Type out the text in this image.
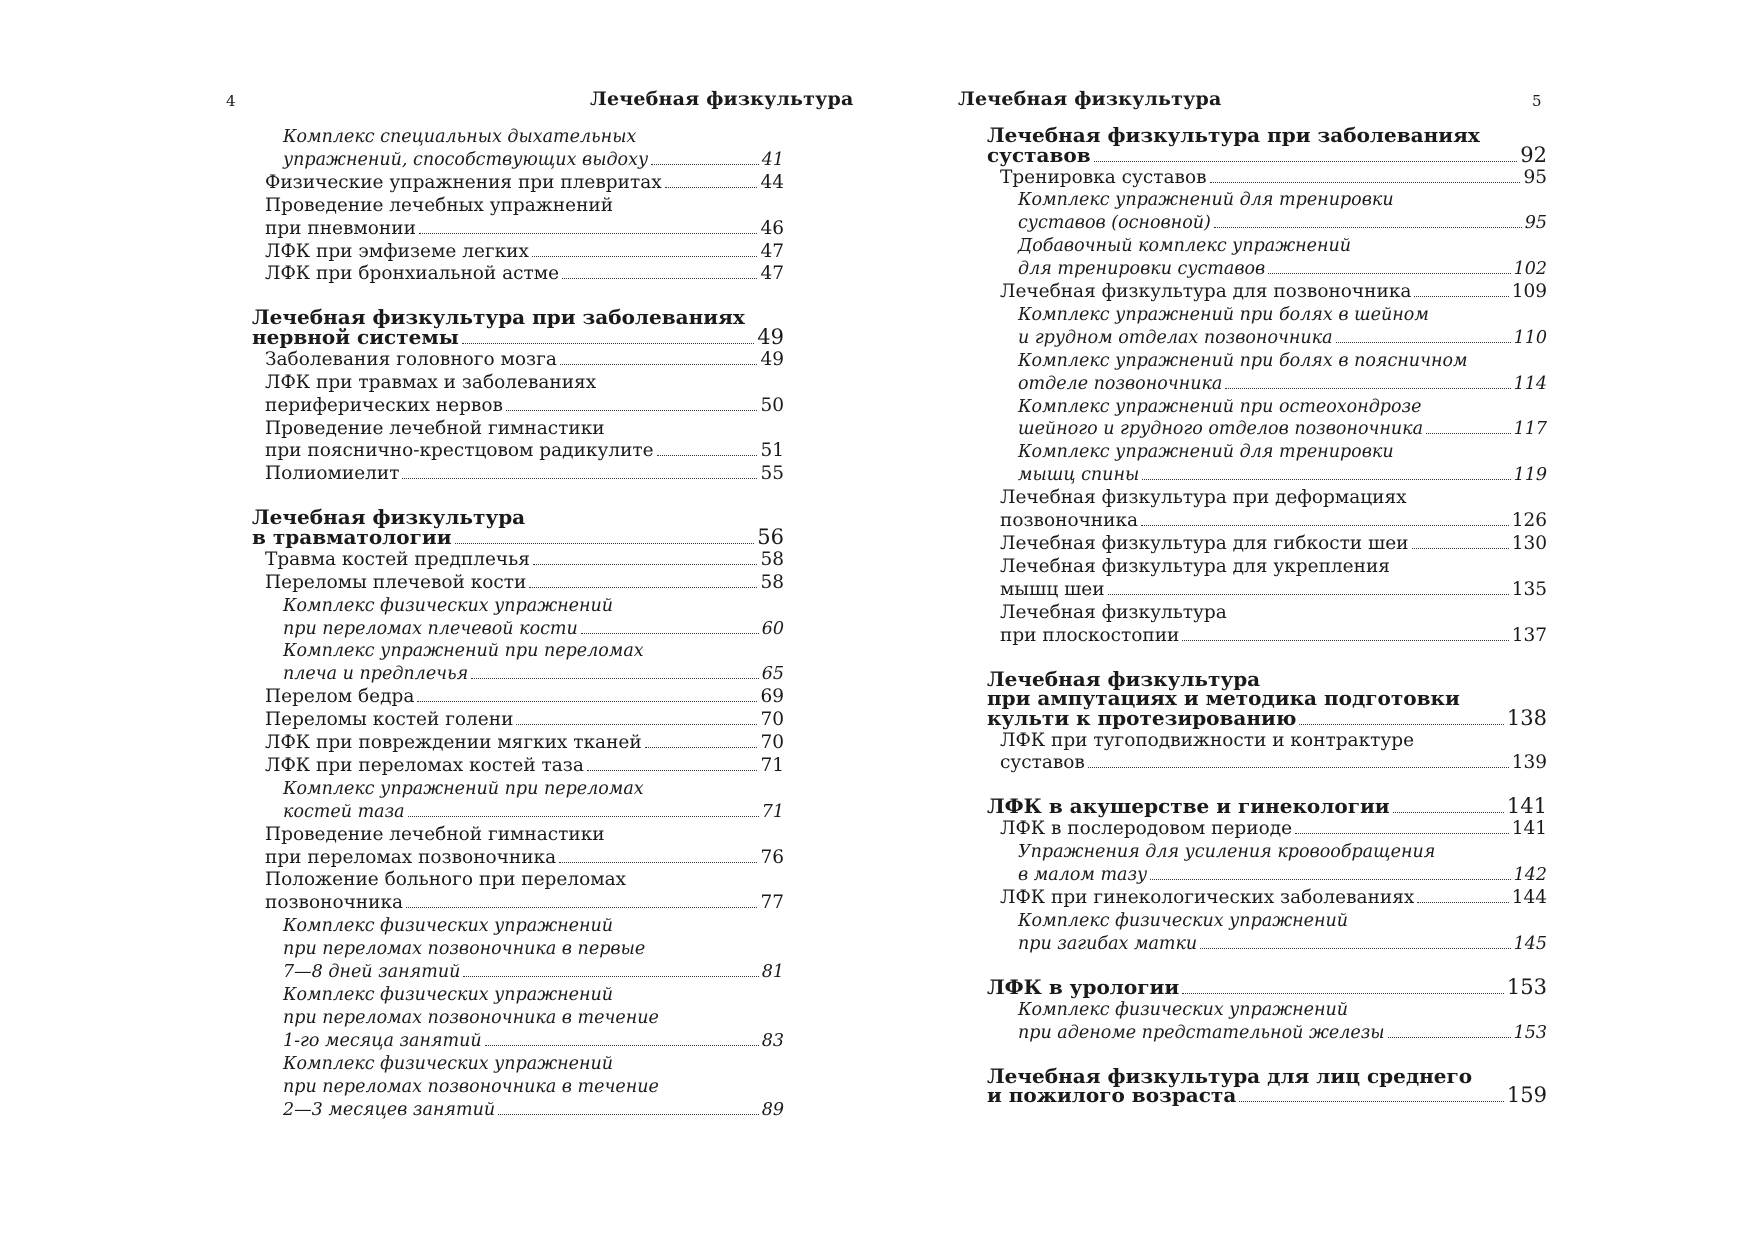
4	Лечебная физкультура
Комплекс специальных дыхательных
упражнений, способствующих выдоху	41
Физические упражнения при плевритах	44
Проведение лечебных упражнений
при пневмонии	46
ЛФК при эмфиземе легких	47
ЛФК при бронхиальной астме	47
Лечебная физкультура при заболеваниях
нервной системы	49
Заболевания головного мозга	49
ЛФК при травмах и заболеваниях
периферических нервов	50
Проведение лечебной гимнастики
при пояснично-крестцовом радикулите	51
Полиомиелит	55
Лечебная физкультура
в травматологии	56
Травма костей предплечья	58
Переломы плечевой кости	58
Комплекс физических упражнений
при переломах плечевой кости	60
Комплекс упражнений при переломах
плеча и предплечья	65
Перелом бедра	69
Переломы костей голени	70
ЛФК при повреждении мягких тканей	70
ЛФК при переломах костей таза	71
Комплекс упражнений при переломах
костей таза	71
Проведение лечебной гимнастики
при переломах позвоночника	76
Положение больного при переломах
позвоночника	77
Комплекс физических упражнений
при переломах позвоночника в первые
7—8 дней занятий	81
Комплекс физических упражнений
при переломах позвоночника в течение
1-го месяца занятий	83
Комплекс физических упражнений
при переломах позвоночника в течение
2—3 месяцев занятий	89
5
Лечебная физкультура
Лечебная физкультура при заболеваниях
суставов	92
Тренировка суставов	95
Комплекс упражнений для тренировки
суставов (основной)	95
Добавочный комплекс упражнений
для тренировки суставов	102
Лечебная физкультура для позвоночника	109
Комплекс упражнений при болях в шейном
и грудном отделах позвоночника	110
Комплекс упражнений при болях в поясничном
отделе позвоночника	114
Комплекс упражнений при остеохондрозе
шейного и грудного отделов позвоночника	117
Комплекс упражнений для тренировки
мышц спины	119
Лечебная физкультура при деформациях
позвоночника	126
Лечебная физкультура для гибкости шеи	130
Лечебная физкультура для укрепления
мышц шеи	135
Лечебная физкультура
при плоскостопии	137
Лечебная физкультура
при ампутациях и методика подготовки
культи к протезированию	138
ЛФК при тугоподвижности и контрактуре
суставов	139
ЛФК в акушерстве и гинекологии	141
ЛФК в послеродовом периоде	141
Упражнения для усиления кровообращения
в малом тазу	142
ЛФК при гинекологических заболеваниях	144
Комплекс физических упражнений
при загибах матки	145
ЛФК в урологии	153
Комплекс физических упражнений
при аденоме предстательной железы	153
Лечебная физкультура для лиц среднего
и пожилого возраста	159
